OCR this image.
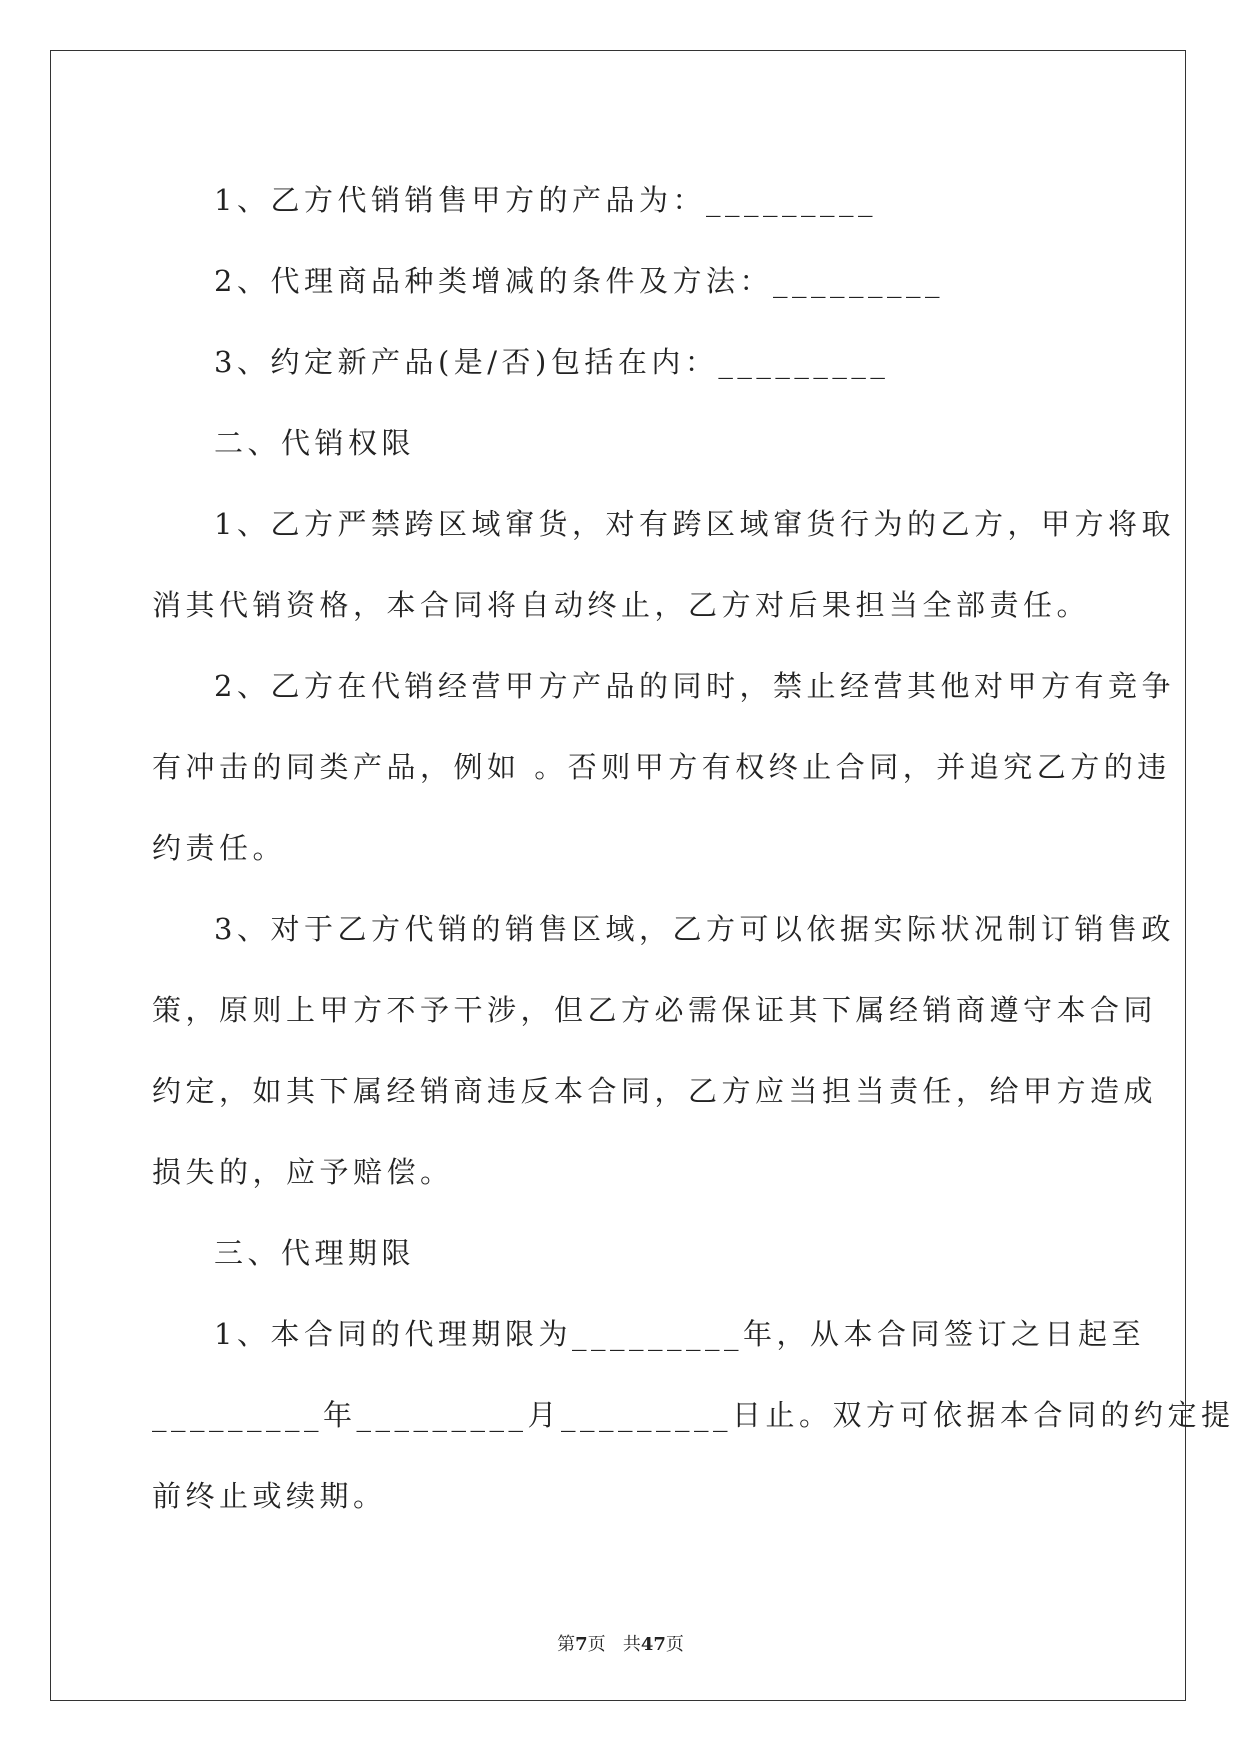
1、乙方代销销售甲方的产品为：_________
2、代理商品种类增减的条件及方法：_________
3、约定新产品(是/否)包括在内：_________
二、代销权限
1、乙方严禁跨区域窜货，对有跨区域窜货行为的乙方，甲方将取
消其代销资格，本合同将自动终止，乙方对后果担当全部责任。
2、乙方在代销经营甲方产品的同时，禁止经营其他对甲方有竞争
有冲击的同类产品，例如 。否则甲方有权终止合同，并追究乙方的违
约责任。
3、对于乙方代销的销售区域，乙方可以依据实际状况制订销售政
策，原则上甲方不予干涉，但乙方必需保证其下属经销商遵守本合同
约定，如其下属经销商违反本合同，乙方应当担当责任，给甲方造成
损失的，应予赔偿。
三、代理期限
1、本合同的代理期限为_________年，从本合同签订之日起至
_________年_________月_________日止。双方可依据本合同的约定提
前终止或续期。
第7页 共47页
